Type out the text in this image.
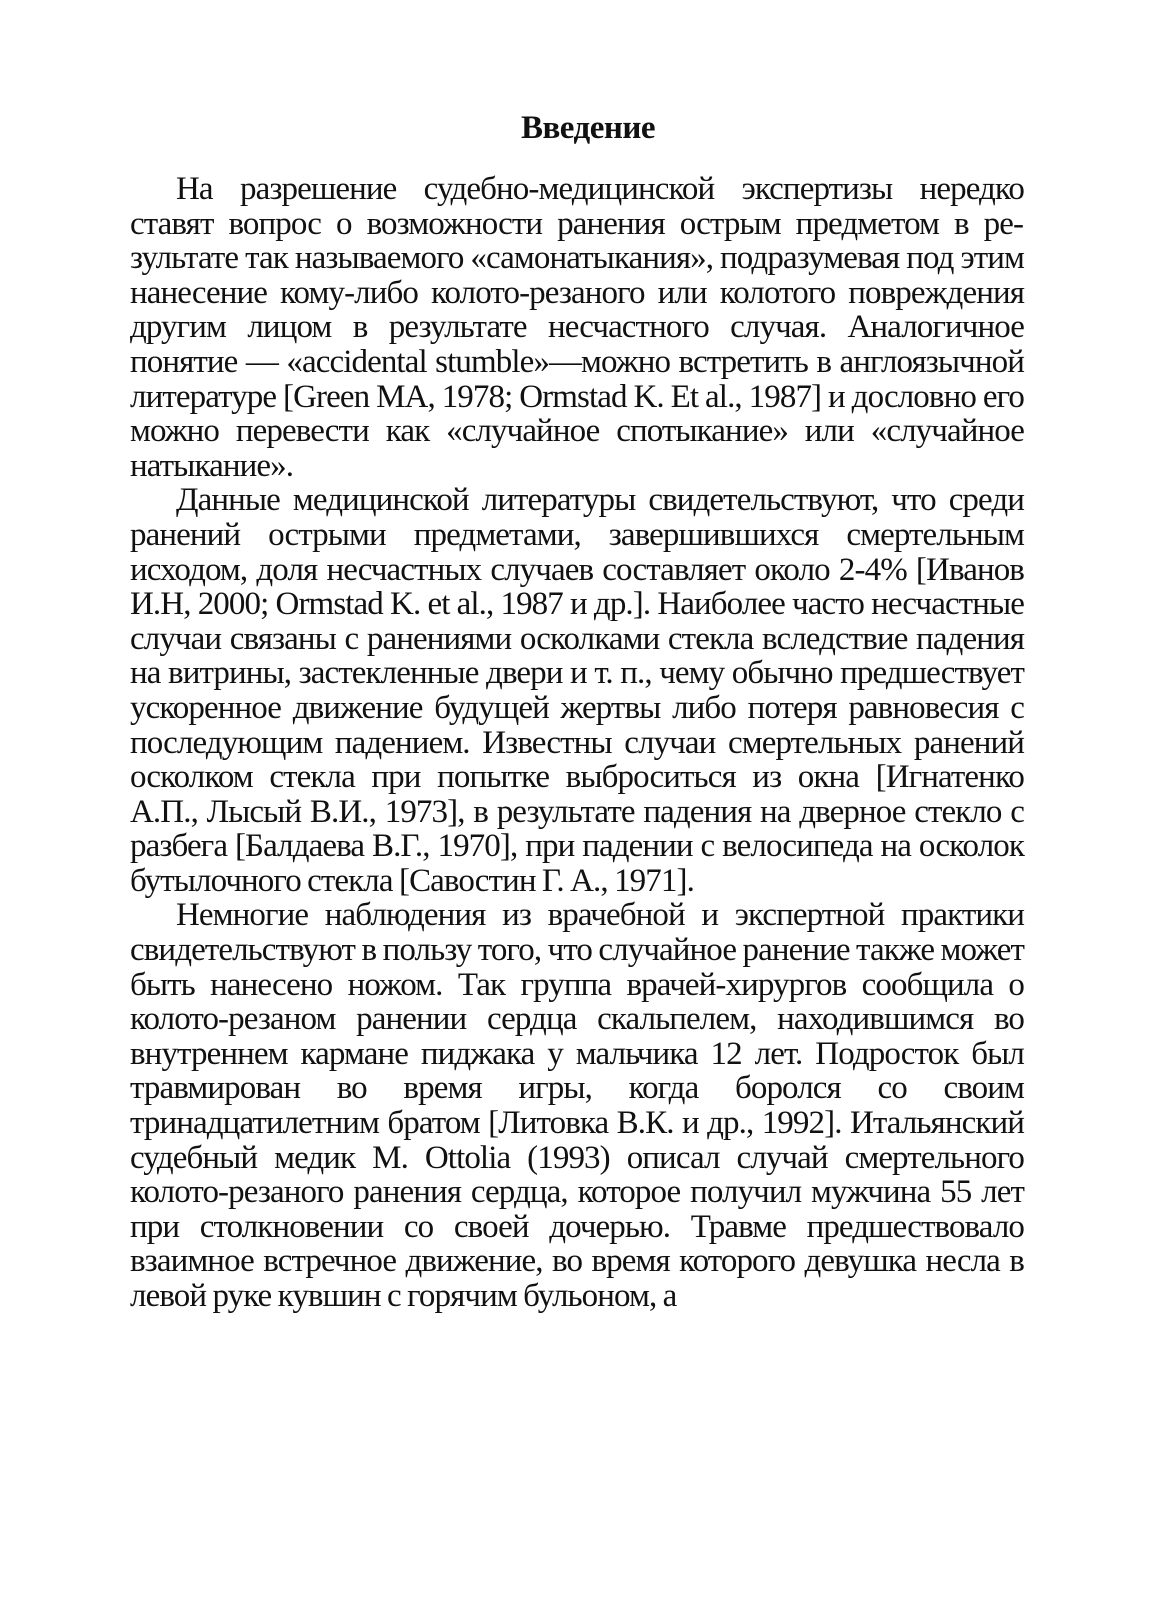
Введение

На разрешение судебно-медицинской экспертизы нередко ставят вопрос о возможности ранения острым предметом в результате так называемого «самонатыкания», подразумевая под этим нанесение кому-либо колото-резаного или колотого повреждения другим лицом в результате несчастного случая. Аналогичное понятие — «accidental stumble»—можно встретить в англоязычной литературе [Green MA, 1978; Ormstad K. Et al., 1987] и дословно его можно перевести как «случайное спотыкание» или «случайное натыкание».

Данные медицинской литературы свидетельствуют, что среди ранений острыми предметами, завершившихся смертельным исходом, доля несчастных случаев составляет около 2-4% [Иванов И.Н, 2000; Ormstad K. et al., 1987 и др.]. Наиболее часто несчастные случаи связаны с ранениями осколками стекла вследствие падения на витрины, застекленные двери и т. п., чему обычно предшествует ускоренное движение будущей жертвы либо потеря равновесия с последующим падением. Известны случаи смертельных ранений осколком стекла при попытке выброситься из окна [Игнатенко А.П., Лысый В.И., 1973], в результате падения на дверное стекло с разбега [Балдаева В.Г., 1970], при падении с велосипеда на осколок бутылочного стекла [Савостин Г. А., 1971].

Немногие наблюдения из врачебной и экспертной практики свидетельствуют в пользу того, что случайное ранение также может быть нанесено ножом. Так группа врачей-хирургов сообщила о колото-резаном ранении сердца скальпелем, находившимся во внутреннем кармане пиджака у мальчика 12 лет. Подросток был травмирован во время игры, когда боролся со своим тринадцатилетним братом [Литовка В.К. и др., 1992]. Итальянский судебный медик M. Ottolia (1993) описал случай смертельного колото-резаного ранения сердца, которое получил мужчина 55 лет при столкновении со своей дочерью. Травме предшествовало взаимное встречное движение, во время которого девушка несла в левой руке кувшин с горячим бульоном, а
